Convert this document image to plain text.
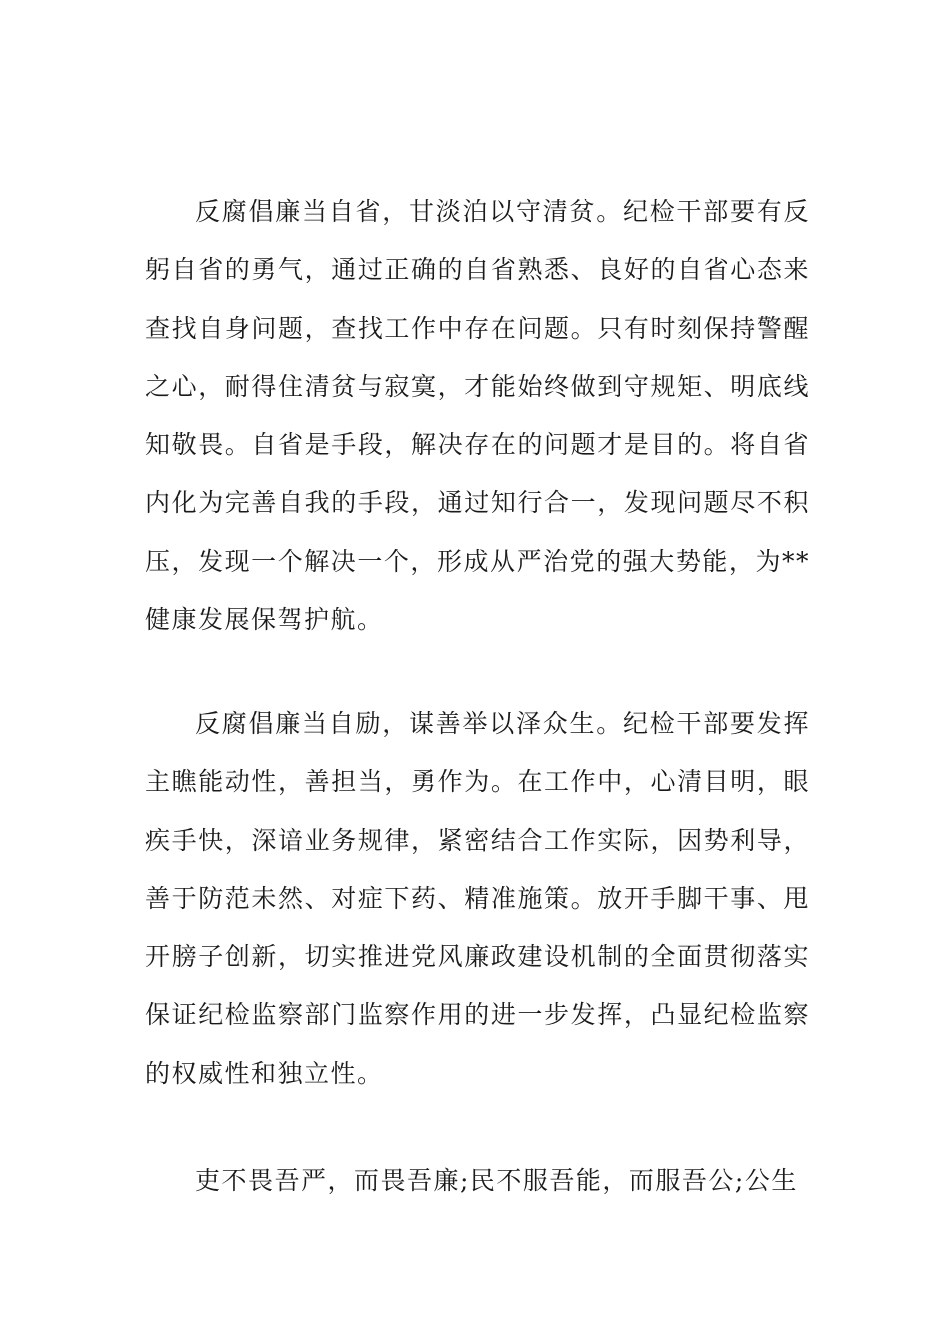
反腐倡廉当自省，甘淡泊以守清贫。纪检干部要有反躬自省的勇气，通过正确的自省熟悉、良好的自省心态来查找自身问题，查找工作中存在问题。只有时刻保持警醒之心，耐得住清贫与寂寞，才能始终做到守规矩、明底线知敬畏。自省是手段，解决存在的问题才是目的。将自省内化为完善自我的手段，通过知行合一，发现问题尽不积压，发现一个解决一个，形成从严治党的强大势能，为**健康发展保驾护航。

反腐倡廉当自励，谋善举以泽众生。纪检干部要发挥主瞧能动性，善担当，勇作为。在工作中，心清目明，眼疾手快，深谙业务规律，紧密结合工作实际，因势利导，善于防范未然、对症下药、精准施策。放开手脚干事、甩开膀子创新，切实推进党风廉政建设机制的全面贯彻落实保证纪检监察部门监察作用的进一步发挥，凸显纪检监察的权威性和独立性。

吏不畏吾严，而畏吾廉;民不服吾能，而服吾公;公生
